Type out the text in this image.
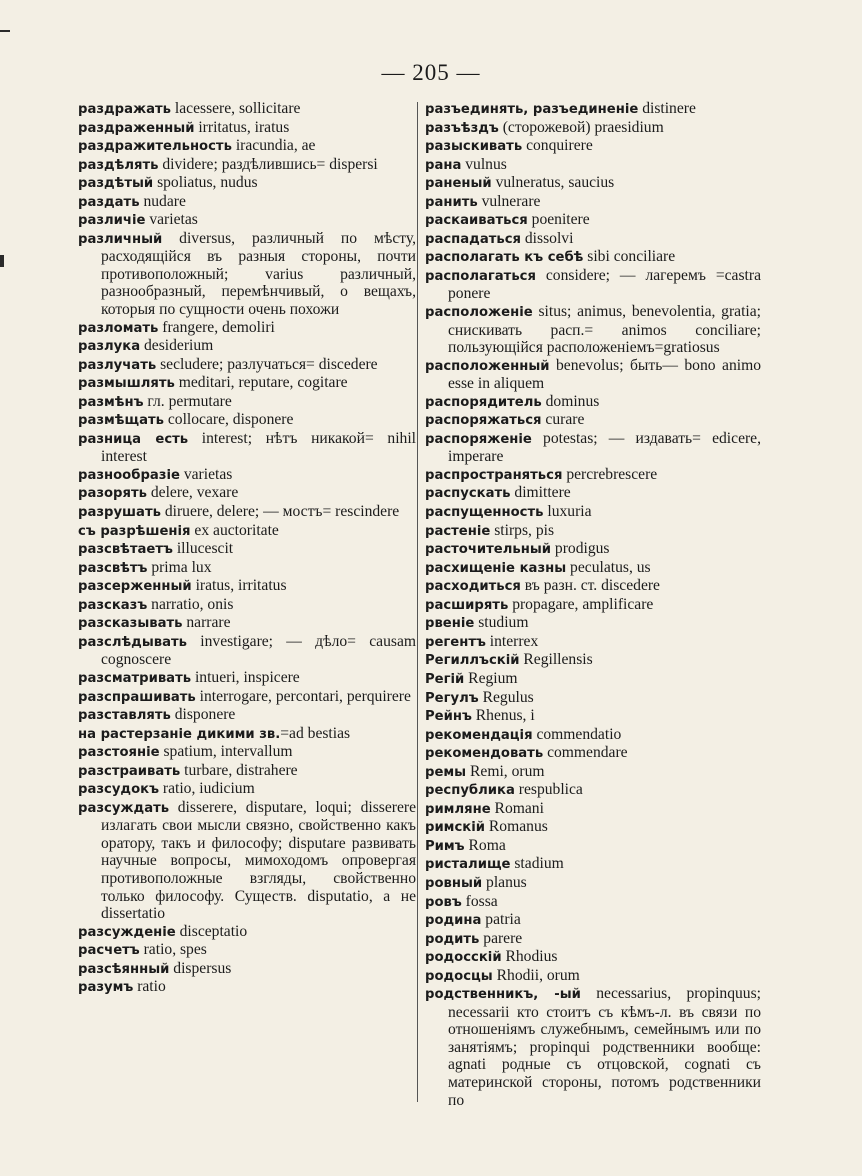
— 205 —

раздражать lacessere, sollicitare

раздраженный irritatus, iratus

раздражительность iracundia, ae

раздѣлять dividere; раздѣлившись= dispersi

раздѣтый spoliatus, nudus

раздать nudare

различіе varietas

различный diversus, различный по мѣсту, расходящійся въ разныя стороны, почти противоположный; varius различный, разнообразный, перемѣнчивый, о вещахъ, которыя по сущности очень похожи

разломать frangere, demoliri

разлука desiderium

разлучать secludere; разлучаться= discedere

размышлять meditari, reputare, cogitare

размѣнъ гл. permutare

размѣщать collocare, disponere

разница есть interest; нѣтъ никакой= nihil interest

разнообразіе varietas

разорять delere, vexare

разрушать diruere, delere; — мостъ= rescindere

съ разрѣшенія ex auctoritate

разсвѣтаетъ illucescit

разсвѣтъ prima lux

разсерженный iratus, irritatus

разсказъ narratio, onis

разсказывать narrare

разслѣдывать investigare; — дѣло= causam cognoscere

разсматривать intueri, inspicere

разспрашивать interrogare, percontari, perquirere

разставлять disponere

на растерзаніе дикими зв.=ad bestias

разстояніе spatium, intervallum

разстраивать turbare, distrahere

разсудокъ ratio, iudicium

разсуждать disserere, disputare, loqui; disserere излагать свои мысли связно, свойственно какъ оратору, такъ и философу; disputare развивать научные вопросы, мимоходомъ опровергая противоположные взгляды, свойственно только философу. Существ. disputatio, а не dissertatio

разсужденіе disceptatio

расчетъ ratio, spes

разсѣянный dispersus

разумъ ratio

разъединять, разъединеніе distinere

разъѣздъ (сторожевой) praesidium

разыскивать conquirere

рана vulnus

раненый vulneratus, saucius

ранить vulnerare

раскаиваться poenitere

распадаться dissolvi

располагать къ себѣ sibi conciliare

располагаться considere; — лагеремъ =castra ponere

расположеніе situs; animus, benevolentia, gratia; снискивать расп.= animos conciliare; пользующійся расположеніемъ=gratiosus

расположенный benevolus; быть— bono animo esse in aliquem

распорядитель dominus

распоряжаться curare

распоряженіе potestas; — издавать= edicere, imperare

распространяться percrebrescere

распускать dimittere

распущенность luxuria

растеніе stirps, pis

расточительный prodigus

расхищеніе казны peculatus, us

расходиться въ разн. ст. discedere

расширять propagare, amplificare

рвеніе studium

регентъ interrex

Региллъскій Regillensis

Регій Regium

Регулъ Regulus

Рейнъ Rhenus, i

рекомендація commendatio

рекомендовать commendare

ремы Remi, orum

республика respublica

римляне Romani

римскій Romanus

Римъ Roma

ристалище stadium

ровный planus

ровъ fossa

родина patria

родить parere

родосскій Rhodius

родосцы Rhodii, orum

родственникъ, -ый necessarius, propinquus; necessarii кто стоитъ съ кѣмъ-л. въ связи по отношеніямъ служебнымъ, семейнымъ или по занятіямъ; propinqui родственники вообще: agnati родные съ отцовской, cognati съ материнской стороны, потомъ родственники по
